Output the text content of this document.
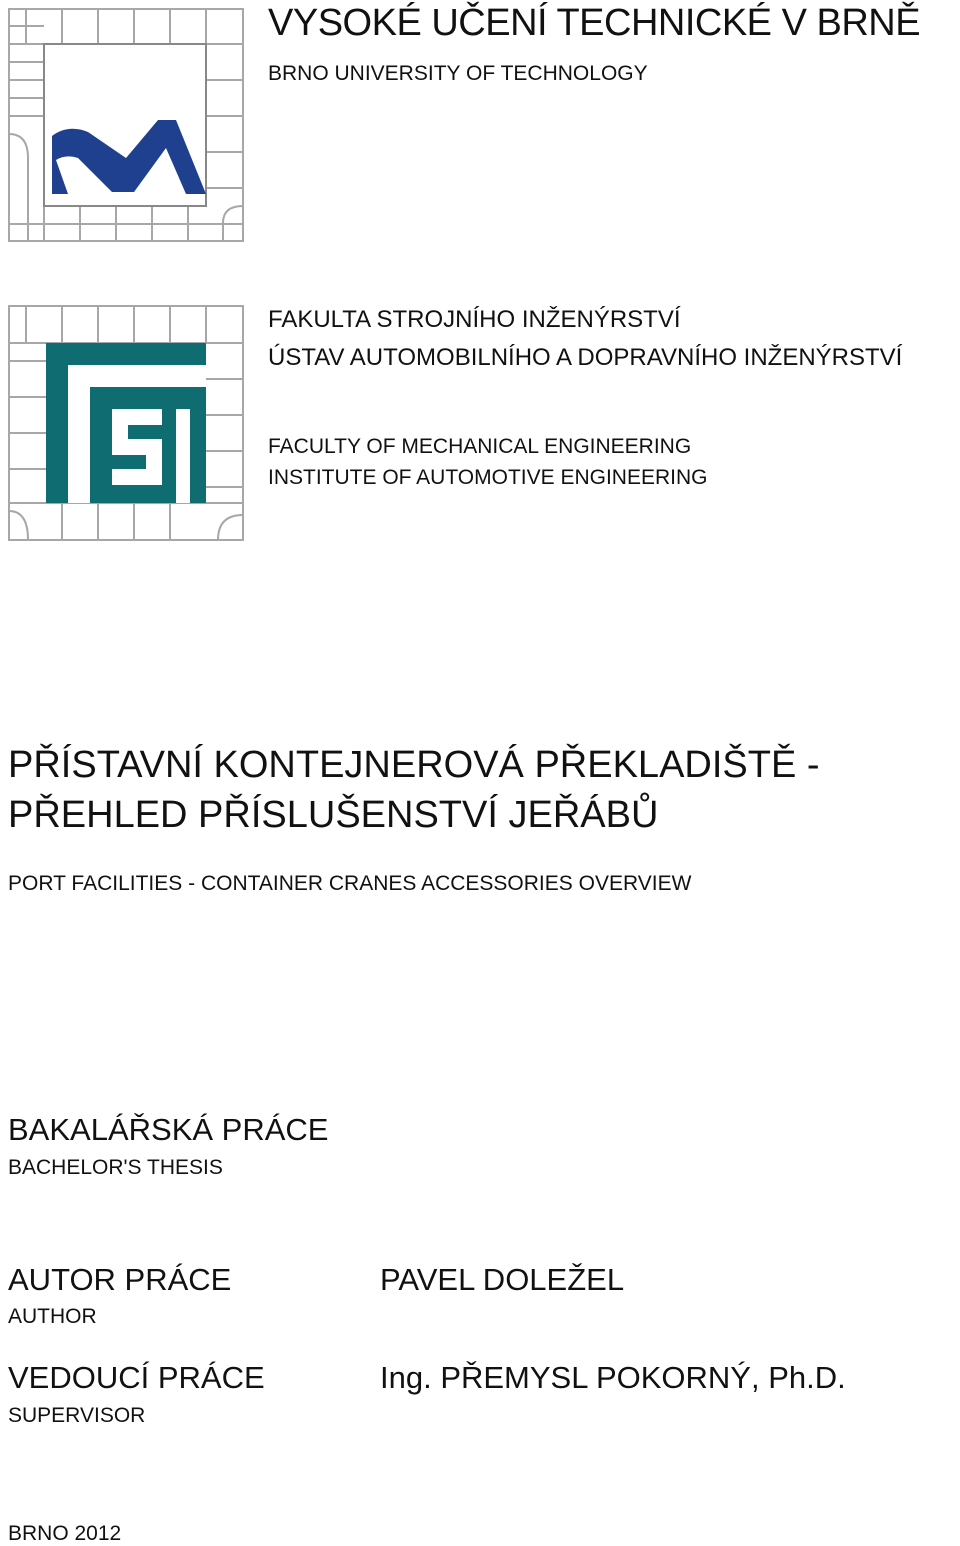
VYSOKÉ UČENÍ TECHNICKÉ V BRNĚ
BRNO UNIVERSITY OF TECHNOLOGY
FAKULTA STROJNÍHO INŽENÝRSTVÍ
ÚSTAV AUTOMOBILNÍHO A DOPRAVNÍHO INŽENÝRSTVÍ
FACULTY OF MECHANICAL ENGINEERING
INSTITUTE OF AUTOMOTIVE ENGINEERING
PŘÍSTAVNÍ KONTEJNEROVÁ PŘEKLADIŠTĚ - PŘEHLED PŘÍSLUŠENSTVÍ JEŘÁBŮ
PORT FACILITIES - CONTAINER CRANES ACCESSORIES OVERVIEW
BAKALÁŘSKÁ PRÁCE
BACHELOR'S THESIS
AUTOR PRÁCE
AUTHOR
PAVEL DOLEŽEL
VEDOUCÍ PRÁCE
SUPERVISOR
Ing. PŘEMYSL POKORNÝ, Ph.D.
BRNO 2012
